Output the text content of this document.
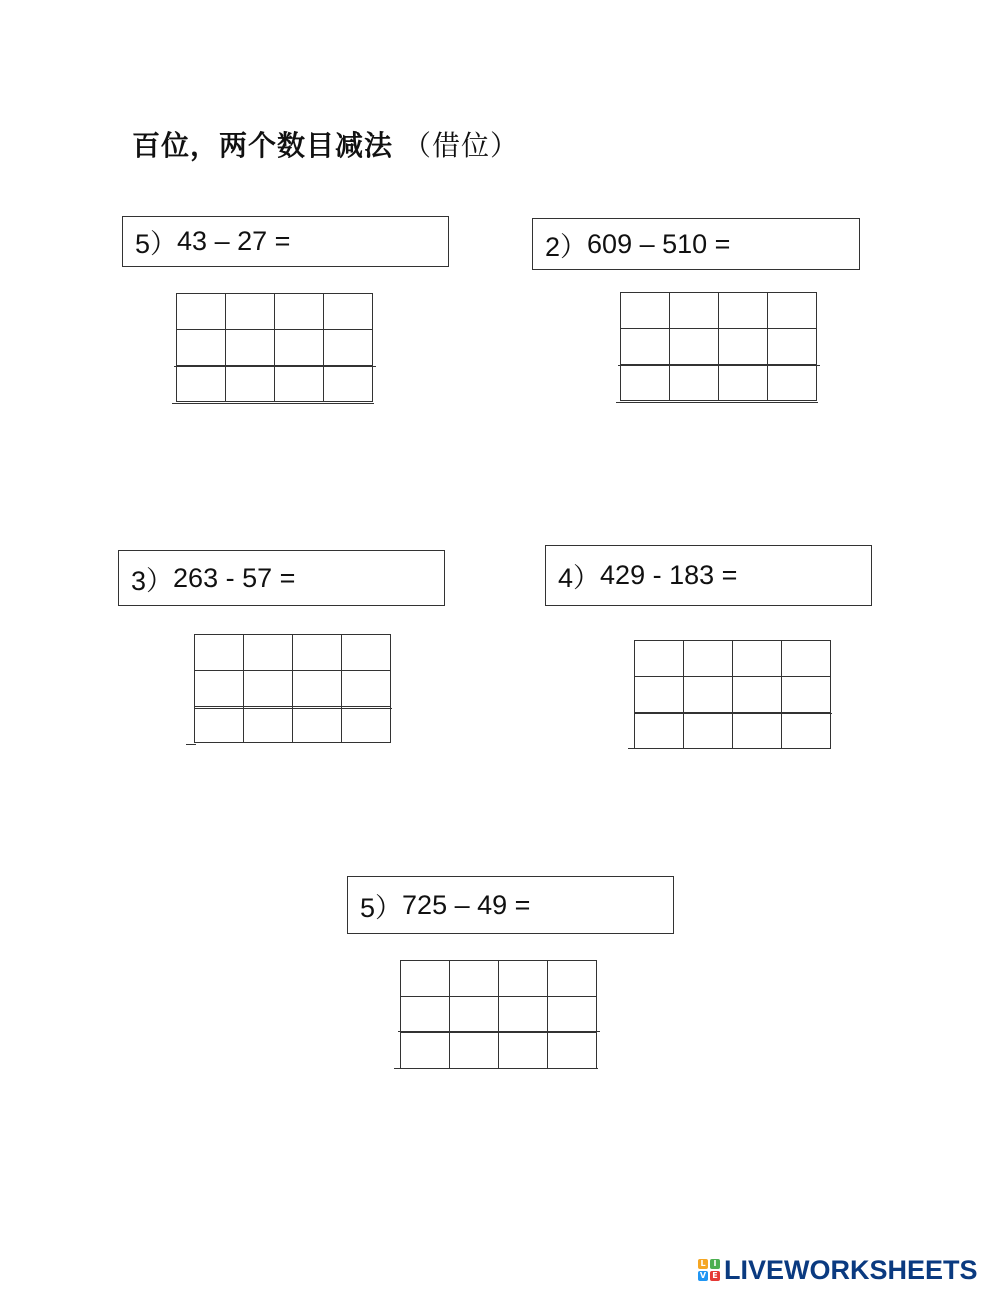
百位，两个数目减法 （借位）
5） 43 – 27 =

				2） 609 – 510 =

3） 263 - 57 =

				4） 429 - 183 =

5） 725 – 49 =

L I
V E LIVEWORKSHEETS
